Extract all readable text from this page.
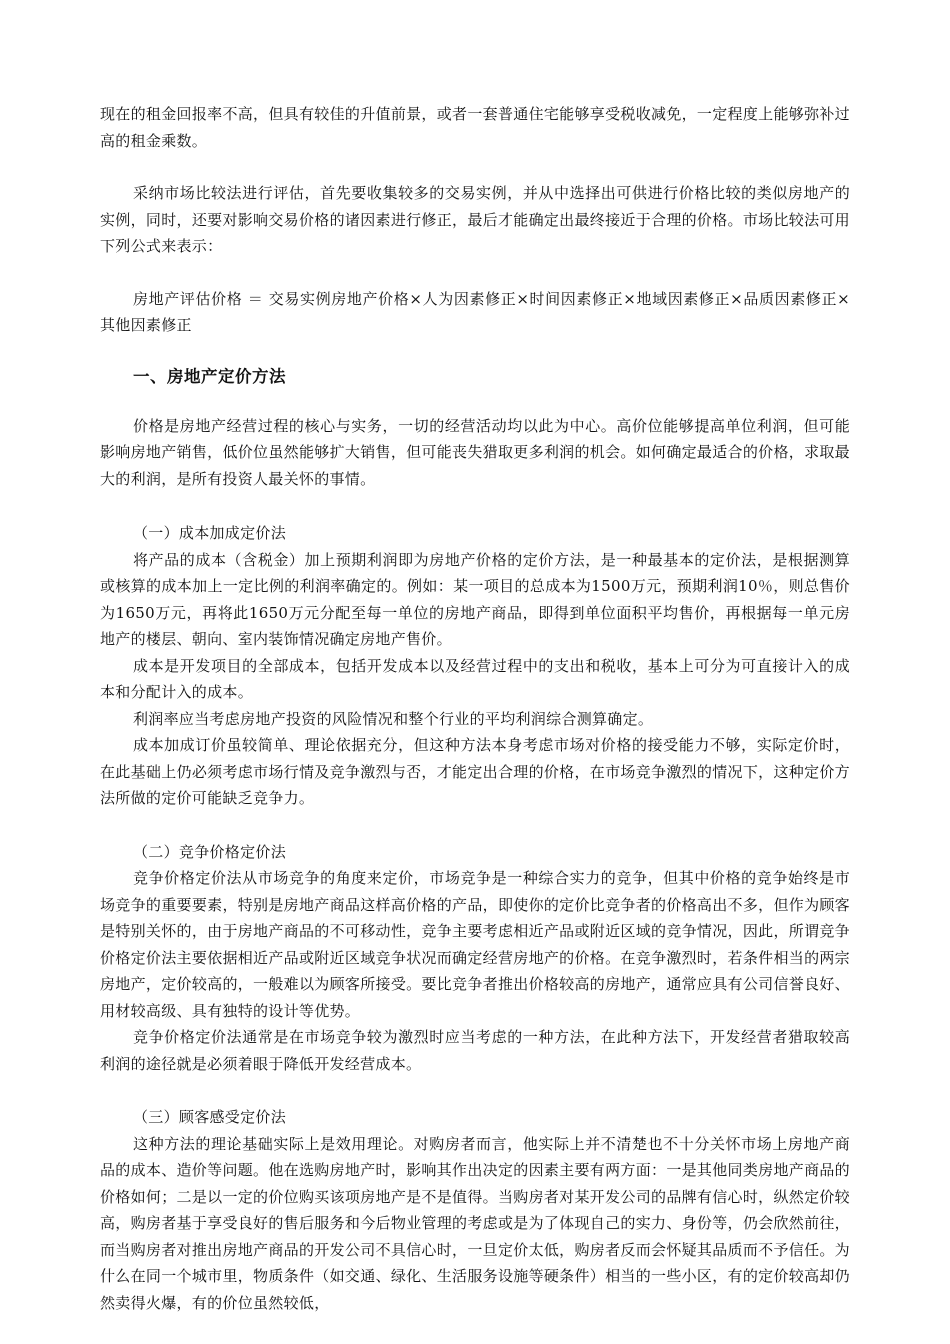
现在的租金回报率不高，但具有较佳的升值前景，或者一套普通住宅能够享受税收减免，一定程度上能够弥补过高的租金乘数。

采纳市场比较法进行评估，首先要收集较多的交易实例，并从中选择出可供进行价格比较的类似房地产的实例，同时，还要对影响交易价格的诸因素进行修正，最后才能确定出最终接近于合理的价格。市场比较法可用下列公式来表示：

房地产评估价格 ＝ 交易实例房地产价格×人为因素修正×时间因素修正×地域因素修正×品质因素修正×其他因素修正

一、房地产定价方法

价格是房地产经营过程的核心与实务，一切的经营活动均以此为中心。高价位能够提高单位利润，但可能影响房地产销售，低价位虽然能够扩大销售，但可能丧失猎取更多利润的机会。如何确定最适合的价格，求取最大的利润，是所有投资人最关怀的事情。

（一）成本加成定价法

将产品的成本（含税金）加上预期利润即为房地产价格的定价方法，是一种最基本的定价法，是根据测算或核算的成本加上一定比例的利润率确定的。例如：某一项目的总成本为1500万元，预期利润10％，则总售价为1650万元，再将此1650万元分配至每一单位的房地产商品，即得到单位面积平均售价，再根据每一单元房地产的楼层、朝向、室内装饰情况确定房地产售价。

成本是开发项目的全部成本，包括开发成本以及经营过程中的支出和税收，基本上可分为可直接计入的成本和分配计入的成本。

利润率应当考虑房地产投资的风险情况和整个行业的平均利润综合测算确定。

成本加成订价虽较简单、理论依据充分，但这种方法本身考虑市场对价格的接受能力不够，实际定价时，在此基础上仍必须考虑市场行情及竞争激烈与否，才能定出合理的价格，在市场竞争激烈的情况下，这种定价方法所做的定价可能缺乏竞争力。

（二）竞争价格定价法

竞争价格定价法从市场竞争的角度来定价，市场竞争是一种综合实力的竞争，但其中价格的竞争始终是市场竞争的重要要素，特别是房地产商品这样高价格的产品，即使你的定价比竞争者的价格高出不多，但作为顾客是特别关怀的，由于房地产商品的不可移动性，竞争主要考虑相近产品或附近区域的竞争情况，因此，所谓竞争价格定价法主要依据相近产品或附近区域竞争状况而确定经营房地产的价格。在竞争激烈时，若条件相当的两宗房地产，定价较高的，一般难以为顾客所接受。要比竞争者推出价格较高的房地产，通常应具有公司信誉良好、用材较高级、具有独特的设计等优势。

竞争价格定价法通常是在市场竞争较为激烈时应当考虑的一种方法，在此种方法下，开发经营者猎取较高利润的途径就是必须着眼于降低开发经营成本。

（三）顾客感受定价法

这种方法的理论基础实际上是效用理论。对购房者而言，他实际上并不清楚也不十分关怀市场上房地产商品的成本、造价等问题。他在选购房地产时，影响其作出决定的因素主要有两方面：一是其他同类房地产商品的价格如何；二是以一定的价位购买该项房地产是不是值得。当购房者对某开发公司的品牌有信心时，纵然定价较高，购房者基于享受良好的售后服务和今后物业管理的考虑或是为了体现自己的实力、身份等，仍会欣然前往，而当购房者对推出房地产商品的开发公司不具信心时，一旦定价太低，购房者反而会怀疑其品质而不予信任。为什么在同一个城市里，物质条件（如交通、绿化、生活服务设施等硬条件）相当的一些小区，有的定价较高却仍然卖得火爆，有的价位虽然较低，
